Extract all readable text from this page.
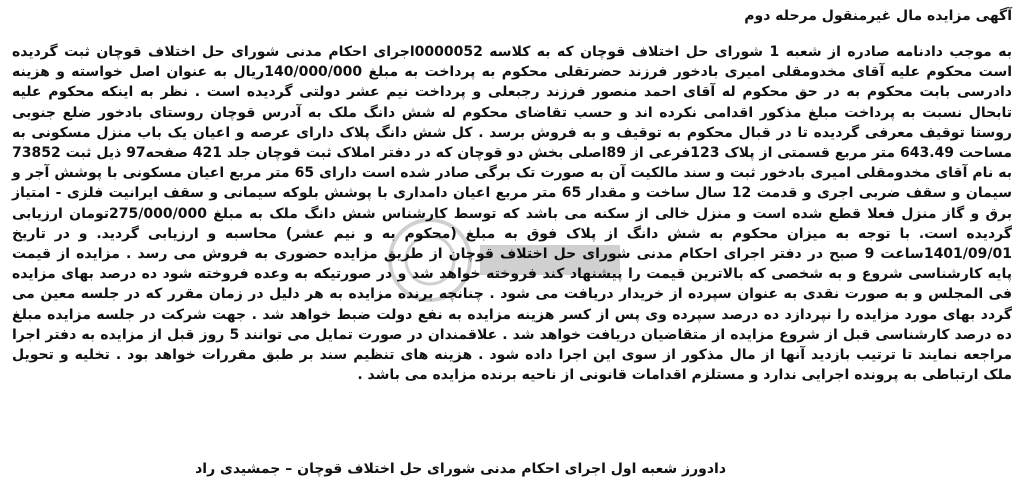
آگهی مزایده مال غیرمنقول مرحله دوم

به موجب دادنامه صادره از شعبه 1 شورای حل اختلاف قوچان که به کلاسه 0000052اجرای احکام مدنی شورای حل اختلاف قوچان ثبت گردیده است محکوم علیه آقای مخدومقلی امیری بادخور فرزند حضرتقلی محکوم به پرداخت به مبلغ 140/000/000ریال به عنوان اصل خواسته و هزینه دادرسی بابت محکوم به در حق محکوم له آقای احمد منصور فرزند رجبعلی و پرداخت نیم عشر دولتی گردیده است . نظر به اینکه محکوم علیه تابحال نسبت به پرداخت مبلغ مذکور اقدامی نکرده اند و حسب تقاضای محکوم له شش دانگ ملک به آدرس قوچان روستای بادخور ضلع جنوبی روستا توقیف معرفی گردیده تا در قبال محکوم به توقیف و به فروش برسد . کل شش دانگ پلاک دارای عرصه و اعیان یک باب منزل مسکونی به مساحت 643.49 متر مربع قسمتی از پلاک 123فرعی از 89اصلی بخش دو قوچان که در دفتر املاک ثبت قوچان جلد 421 صفحه97 ذیل ثبت 73852 به نام آقای مخدومقلی امیری بادخور ثبت و سند مالکیت آن به صورت تک برگی صادر شده است دارای 65 متر مربع اعیان مسکونی با پوشش آجر و سیمان و سقف ضربی اجری و قدمت 12 سال ساخت و مقدار 65 متر مربع اعیان دامداری با پوشش بلوکه سیمانی و سقف ایرانیت فلزی - امتیاز برق و گاز منزل فعلا قطع شده است و منزل خالی از سکنه می باشد که توسط کارشناس شش دانگ ملک به مبلغ 275/000/000تومان ارزیابی گردیده است. با توجه به میزان محکوم به شش دانگ از پلاک فوق به مبلغ (محکوم به و نیم عشر) محاسبه و ارزیابی گردید. و در تاریخ 1401/09/01ساعت 9 صبح در دفتر اجرای احکام مدنی شورای حل اختلاف قوچان از طریق مزایده حضوری به فروش می رسد . مزایده از قیمت پایه کارشناسی شروع و به شخصی که بالاترین قیمت را پیشنهاد کند فروخته خواهد شد و در صورتیکه به وعده فروخته شود ده درصد بهای مزایده فی المجلس و به صورت نقدی به عنوان سپرده از خریدار دریافت می شود . چنانچه برنده مزایده به هر دلیل در زمان مقرر که در جلسه معین می گردد بهای مورد مزایده را نپردازد ده درصد سپرده وی پس از کسر هزینه مزایده به نفع دولت ضبط خواهد شد . جهت شرکت در جلسه مزایده مبلغ ده درصد کارشناسی قبل از شروع مزایده از متقاضیان دریافت خواهد شد . علاقمندان در صورت تمایل می توانند 5 روز قبل از مزایده به دفتر اجرا مراجعه نمایند تا ترتیب بازدید آنها از مال مذکور از سوی این اجرا داده شود . هزینه های تنظیم سند بر طبق مقررات خواهد بود . تخلیه و تحویل ملک ارتباطی به پرونده اجرایی ندارد و مستلزم اقدامات قانونی از ناحیه برنده مزایده می باشد .

دادورز شعبه اول اجرای احکام مدنی شورای حل اختلاف قوچان – جمشیدی راد
